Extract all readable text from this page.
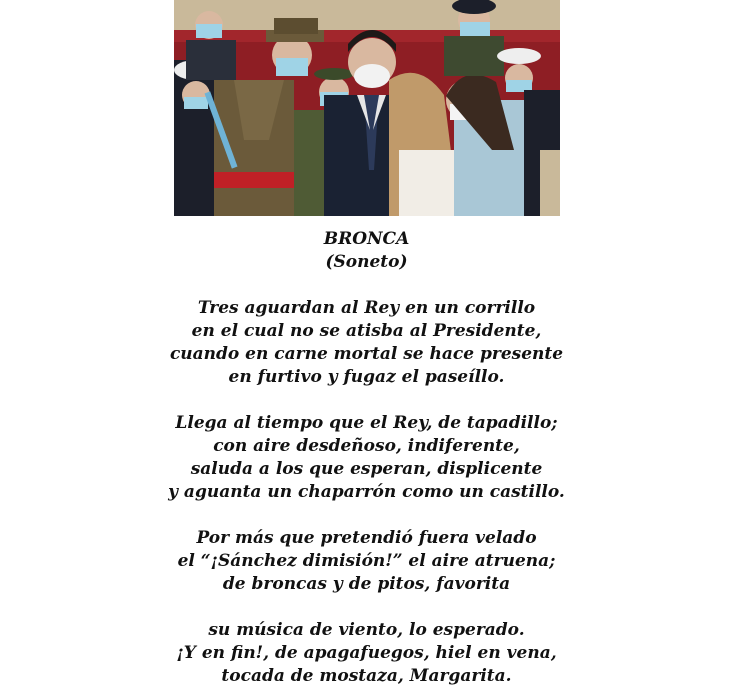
BRONCA
(Soneto)
Tres aguardan al Rey en un corrillo
en el cual no se atisba al Presidente,
cuando en carne mortal se hace presente
en furtivo y fugaz el paseíllo.
Llega al tiempo que el Rey, de tapadillo;
con aire desdeñoso, indiferente,
saluda a los que esperan, displicente
y aguanta un chaparrón como un castillo.
Por más que pretendió fuera velado
el “¡Sánchez dimisión!” el aire atruena;
de broncas y de pitos, favorita
su música de viento, lo esperado.
¡Y en fin!, de apagafuegos, hiel en vena,
tocada de mostaza, Margarita.
